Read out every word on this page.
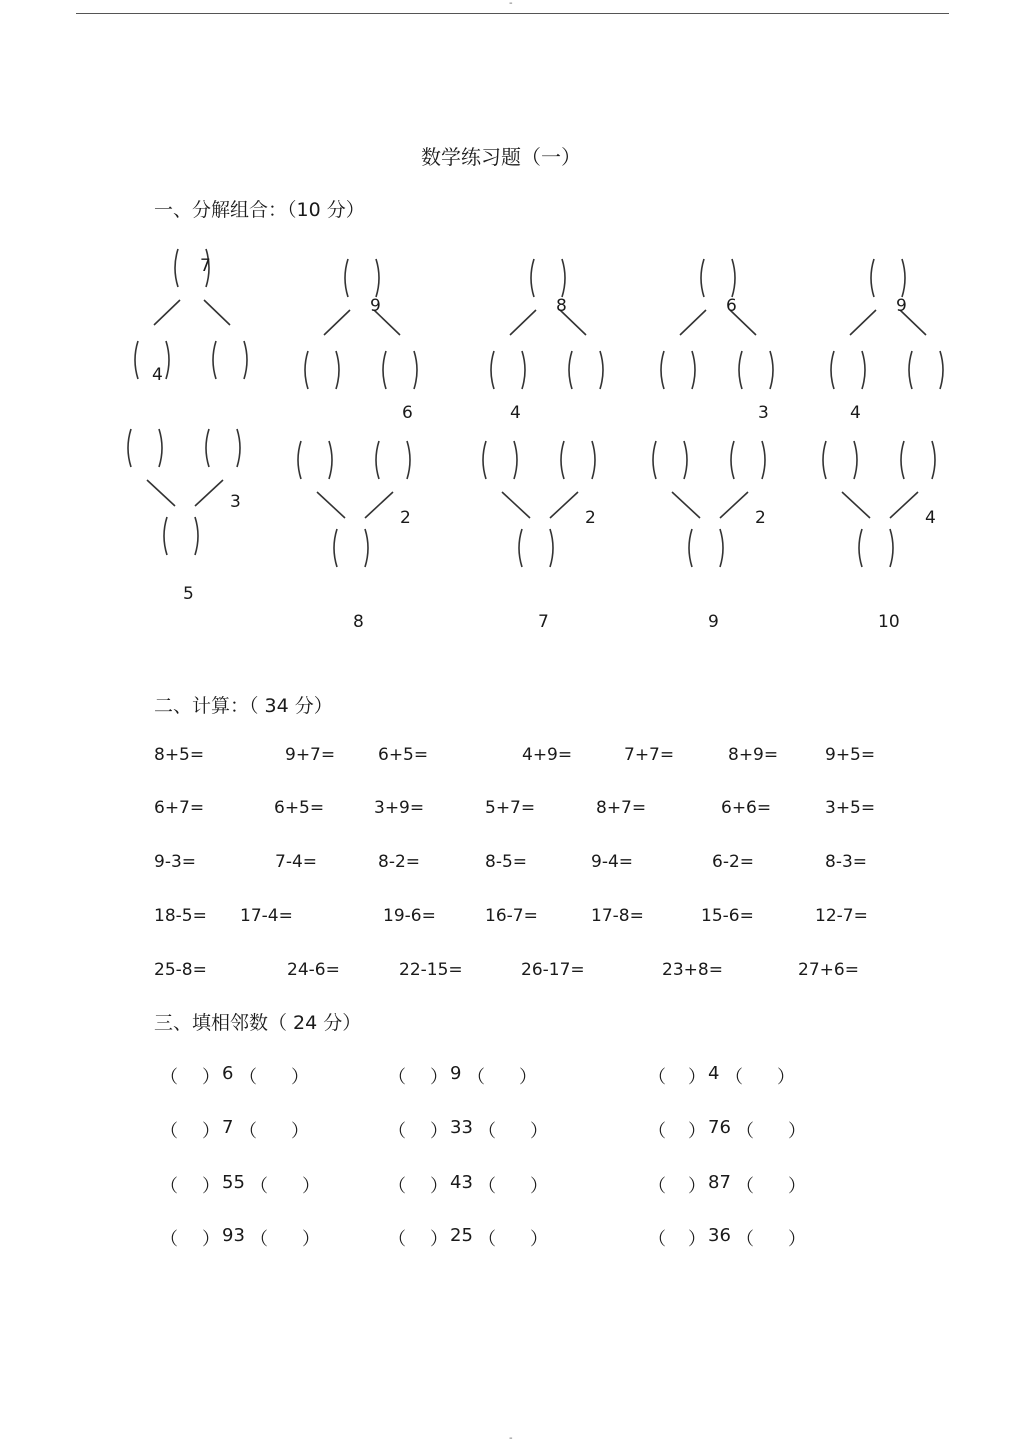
-
-
数学练习题（一）
一、分解组合：（10 分）
7
4
9
6
8
4
6
3
9
4
3
5
2
8
2
7
2
9
4
10
二、计算：（ 34 分）
8+5=	9+7=	6+5=	4+9=	7+7=	8+9=	9+5=
6+7=	6+5=	3+9=	5+7=	8+7=	6+6=	3+5=
9-3=	7-4=	8-2=	8-5=	9-4=	6-2=	8-3=
18-5= 17-4=	19-6=	16-7=	17-8=	15-6=	12-7=
25-8=	24-6=	22-15=	26-17=	23+8=	27+6=
三、填相邻数（ 24 分）
（ ） 6 （ ）	（ ） 9 （ ）	（ ） 4 （ ）
（ ） 7 （ ）	（ ） 33 （ ）	（ ） 76 （ ）
（ ） 55 （ ）	（ ） 43 （ ）	（ ） 87 （ ）
（ ） 93 （ ）	（ ） 25 （ ）	（ ） 36 （ ）
